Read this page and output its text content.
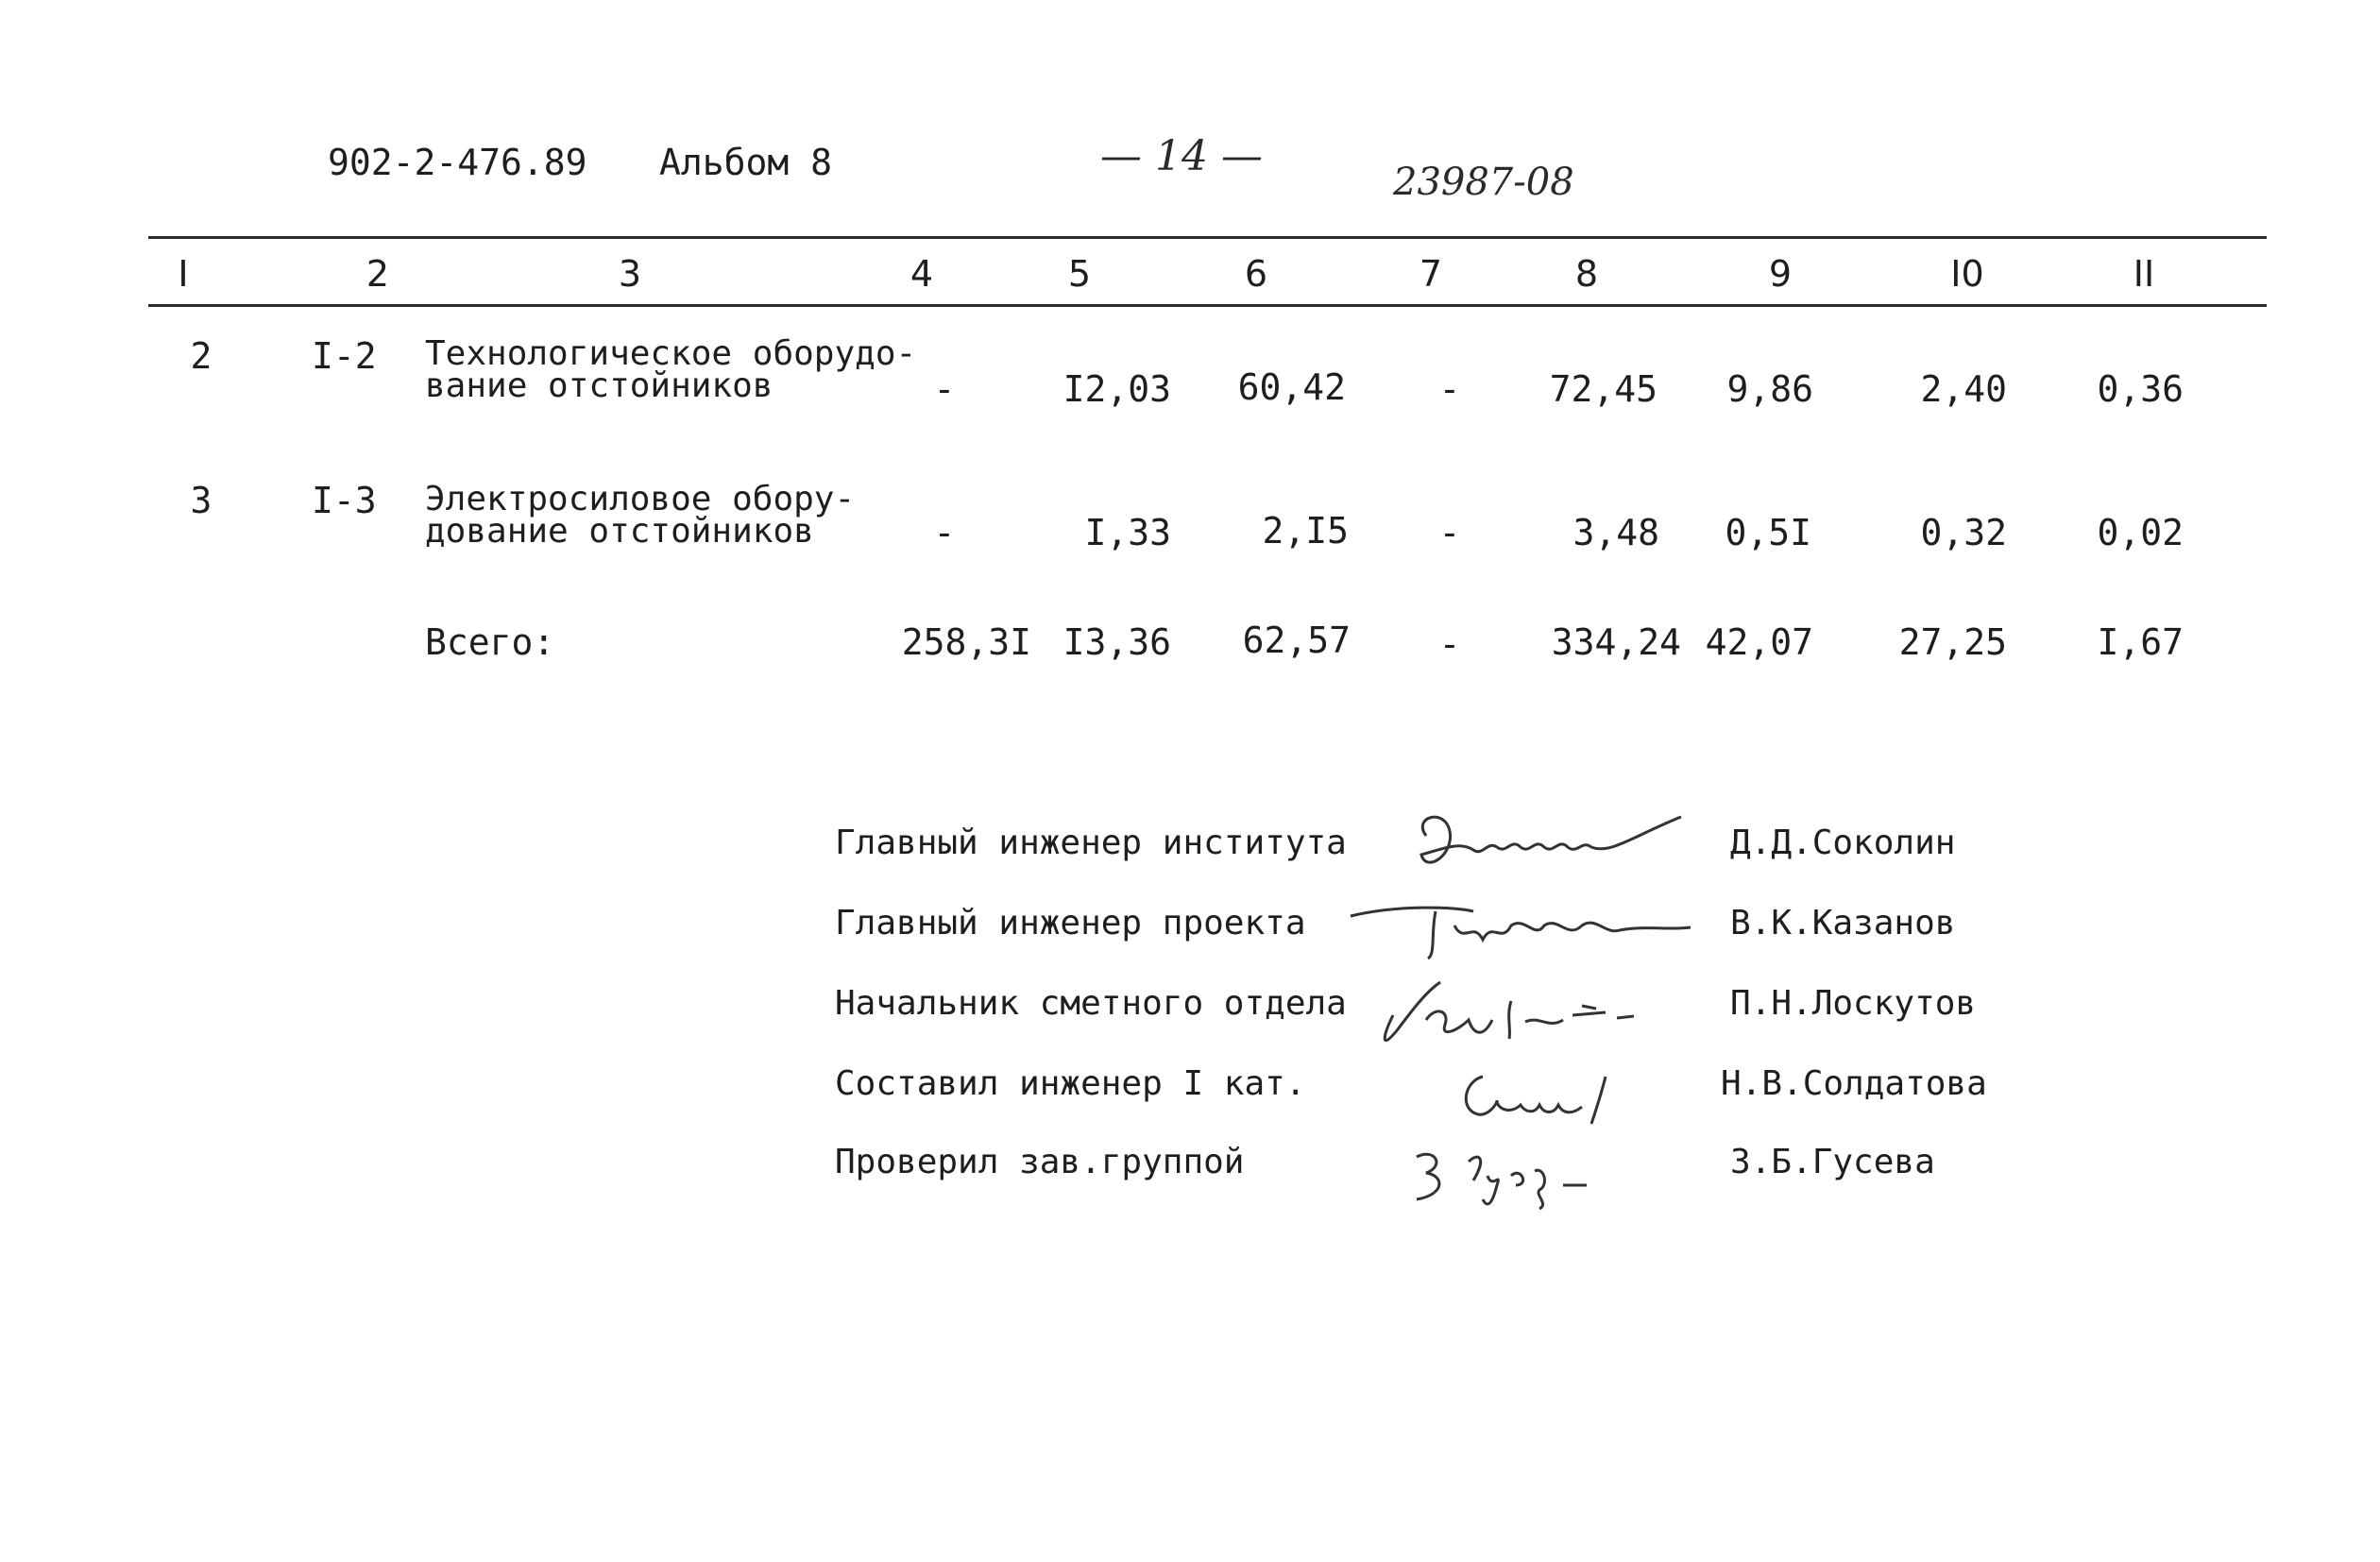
902-2-476.89 Альбом 8	— 14 —
23987-08
I	2	3	4	5	6	7	8	9	I0	II
2	I-2 Технологическое оборудо-
вание отстойников	-	I2,03 60,42	- 72,45 9,86	2,40	0,36
3	I-3 Электросиловое обору-
дование отстойников	-	I,33	2,I5	-	3,48 0,5I	0,32	0,02
Всего:	258,3I I3,36 62,57 -	334,24 42,07 27,25	I,67
Главный инженер института	Д.Д.Соколин
Главный инженер проекта	В.К.Казанов
Начальник сметного отдела	П.Н.Лоскутов
Составил инженер I кат.	Н.В.Солдатова
Проверил зав.группой	З.Б.Гусева
